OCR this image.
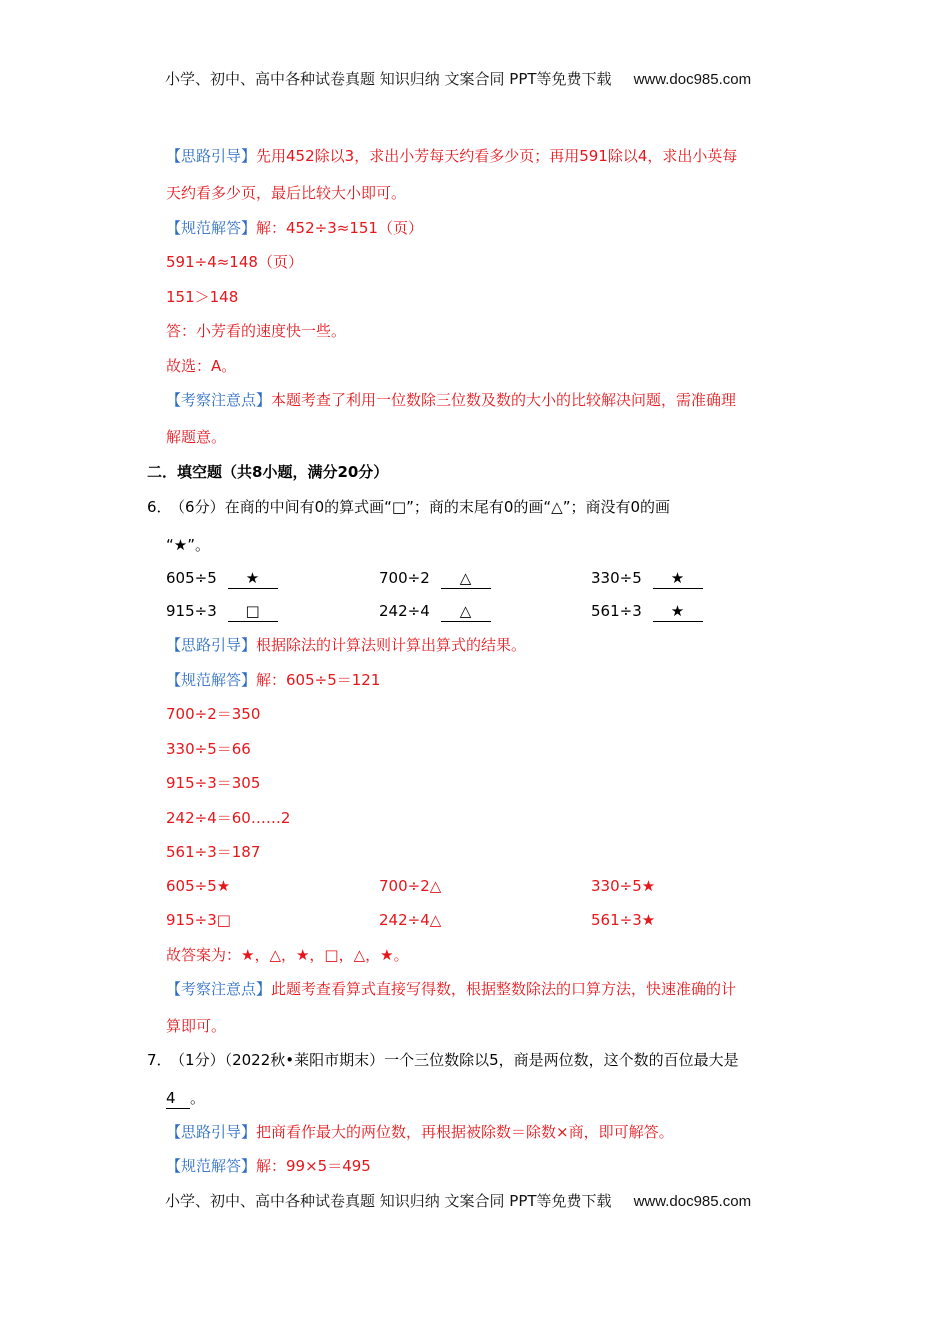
小学、初中、高中各种试卷真题 知识归纳 文案合同 PPT等免费下载 www.doc985.com
【思路引导】先用452除以3，求出小芳每天约看多少页；再用591除以4，求出小英每
天约看多少页，最后比较大小即可。
【规范解答】解：452÷3≈151（页）
591÷4≈148（页）
151＞148
答：小芳看的速度快一些。
故选：A。
【考察注意点】本题考查了利用一位数除三位数及数的大小的比较解决问题，需准确理
解题意。
二．填空题（共8小题，满分20分）
6． （6分）在商的中间有0的算式画“□”；商的末尾有0的画“△”；商没有0的画
“★”。
605÷5 ★	700÷2 △	330÷5 ★
915÷3 □	242÷4 △	561÷3 ★
【思路引导】根据除法的计算法则计算出算式的结果。
【规范解答】解：605÷5＝121
700÷2＝350
330÷5＝66
915÷3＝305
242÷4＝60……2
561÷3＝187
605÷5★	700÷2△	330÷5★
915÷3□	242÷4△	561÷3★
故答案为：★，△，★，□，△，★。
【考察注意点】此题考查看算式直接写得数，根据整数除法的口算方法，快速准确的计
算即可。
7． （1分）（2022秋•莱阳市期末）一个三位数除以5，商是两位数，这个数的百位最大是
4 。
【思路引导】把商看作最大的两位数，再根据被除数＝除数×商，即可解答。
【规范解答】解：99×5＝495
小学、初中、高中各种试卷真题 知识归纳 文案合同 PPT等免费下载 www.doc985.com
